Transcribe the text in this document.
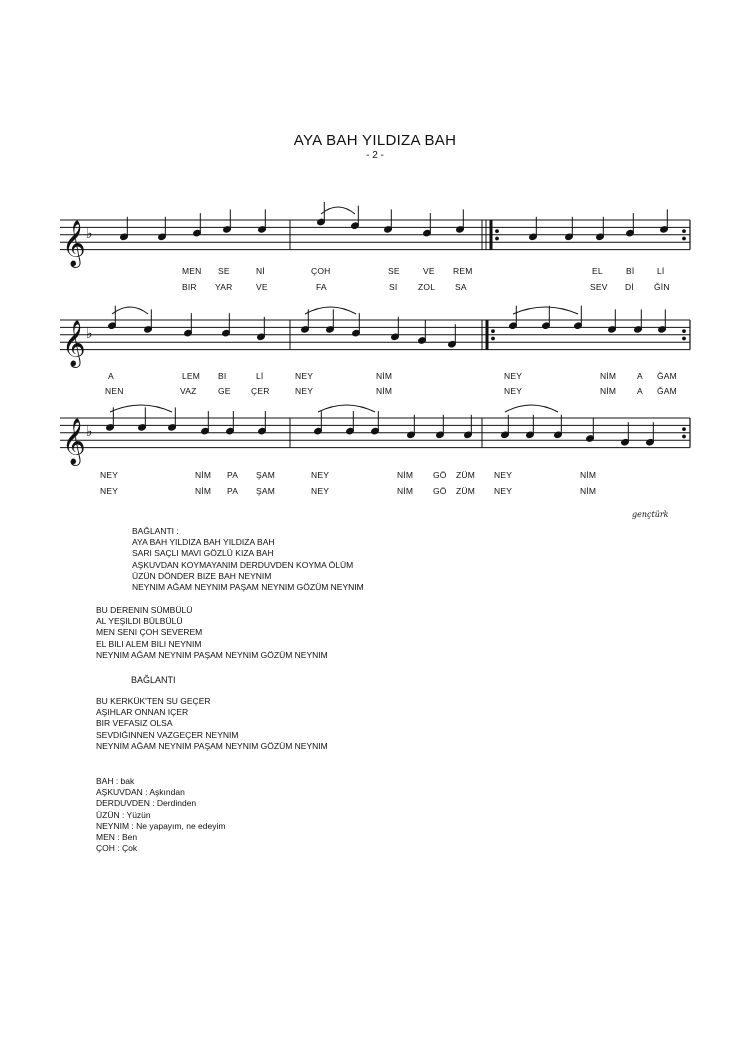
AYA BAH YILDIZA BAH
- 2 -
𝄞 ♭
𝄞 ♭
𝄞 ♭
MEN SE	Nİ	ÇOH	SE	VE REM	EL	Bİ	Lİ
BIR YAR	VE	FA	SI ZOL SA	SEV Dİ ĞİN
A	LEM BI	Lİ	NEY	NİM	NEY	NİM A ĞAM
NEN	VAZ	GE ÇER	NEY	NİM	NEY	NİM A ĞAM
NEY	NİM PA ŞAM	NEY	NİM GÖ ZÜM NEY	NİM
NEY	NİM PA ŞAM	NEY	NİM GÖ ZÜM NEY	NİM
gençtürk
BAĞLANTI :
AYA BAH YILDIZA BAH YILDIZA BAH
SARI SAÇLI MAVI GÖZLÜ KIZA BAH
AŞKUVDAN KOYMAYANIM DERDUVDEN KOYMA ÖLÜM
ÜZÜN DÖNDER BIZE BAH NEYNIM
NEYNIM AĞAM NEYNIM PAŞAM NEYNIM GÖZÜM NEYNIM
BU DERENIN SÜMBÜLÜ
AL YEŞILDI BÜLBÜLÜ
MEN SENI ÇOH SEVEREM
EL BILI ALEM BILI NEYNIM
NEYNIM AĞAM NEYNIM PAŞAM NEYNIM GÖZÜM NEYNIM
BAĞLANTI
BU KERKÜK'TEN SU GEÇER
AŞIHLAR ONNAN IÇER
BIR VEFASIZ OLSA
SEVDIĞINNEN VAZGEÇER NEYNIM
NEYNIM AĞAM NEYNIM PAŞAM NEYNIM GÖZÜM NEYNIM
BAH : bak
AŞKUVDAN : Aşkından
DERDUVDEN : Derdinden
ÜZÜN : Yüzün
NEYNIM : Ne yapayım, ne edeyim
MEN : Ben
ÇOH : Çok
